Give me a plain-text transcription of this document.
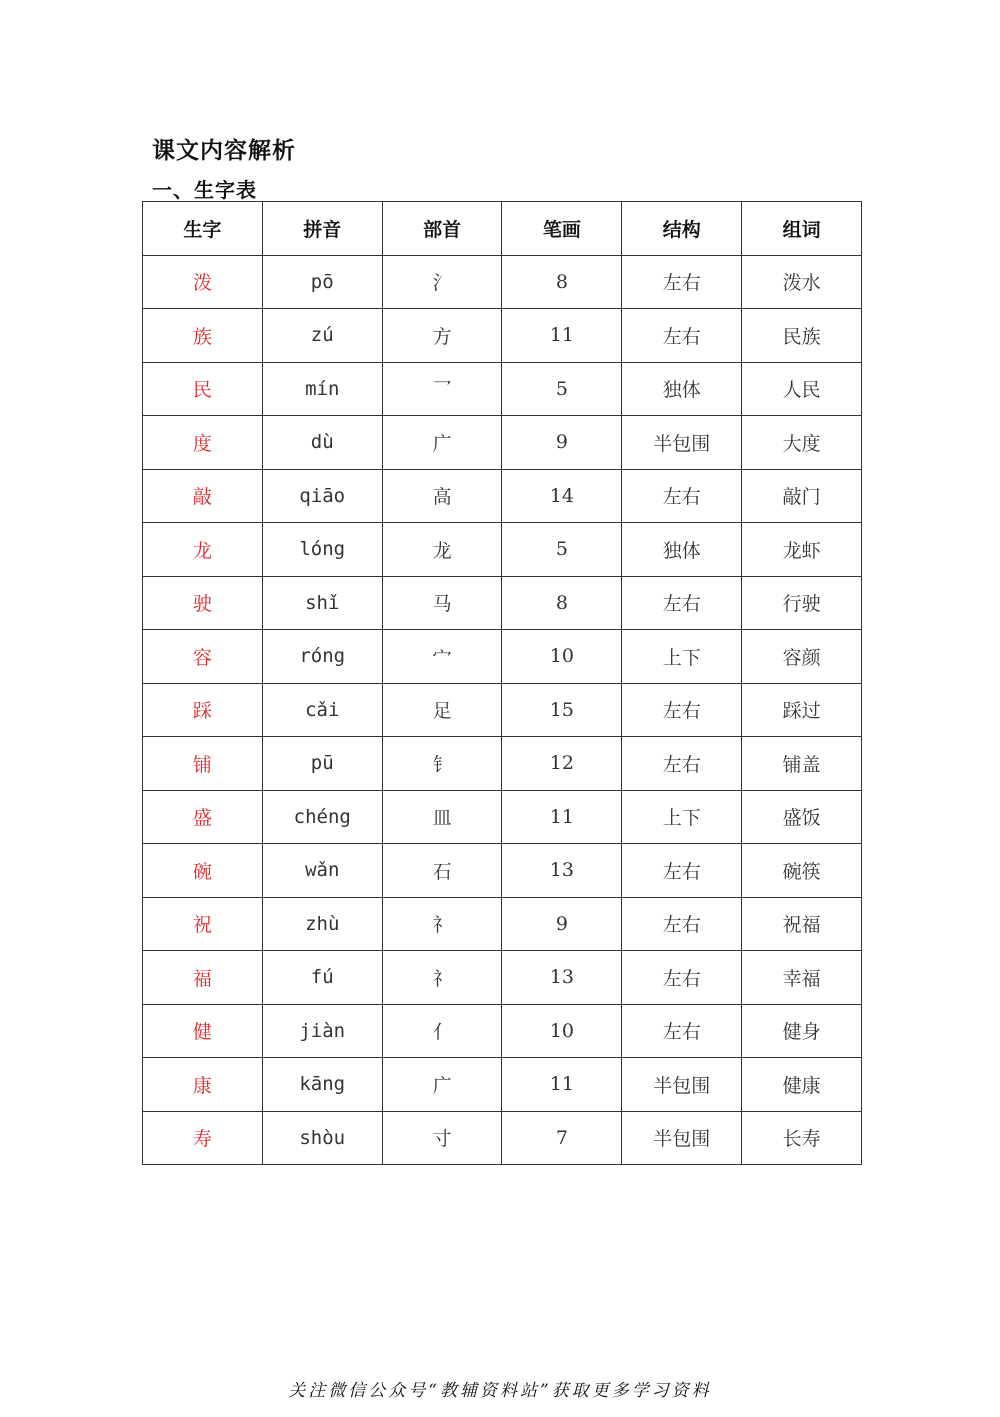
课文内容解析
一、生字表
生字	拼音	部首	笔画	结构	组词
泼	pō	氵	8	左右	泼水
族	zú	方	11	左右	民族
民	mín	乛	5	独体	人民
度	dù	广	9	半包围	大度
敲	qiāo	高	14	左右	敲门
龙	lóng	龙	5	独体	龙虾
驶	shǐ	马	8	左右	行驶
容	róng	宀	10	上下	容颜
踩	cǎi	足	15	左右	踩过
铺	pū	钅	12	左右	铺盖
盛	chéng	皿	11	上下	盛饭
碗	wǎn	石	13	左右	碗筷
祝	zhù	礻	9	左右	祝福
福	fú	礻	13	左右	幸福
健	jiàn	亻	10	左右	健身
康	kāng	广	11	半包围	健康
寿	shòu	寸	7	半包围	长寿
关注微信公众号“教辅资料站”获取更多学习资料
